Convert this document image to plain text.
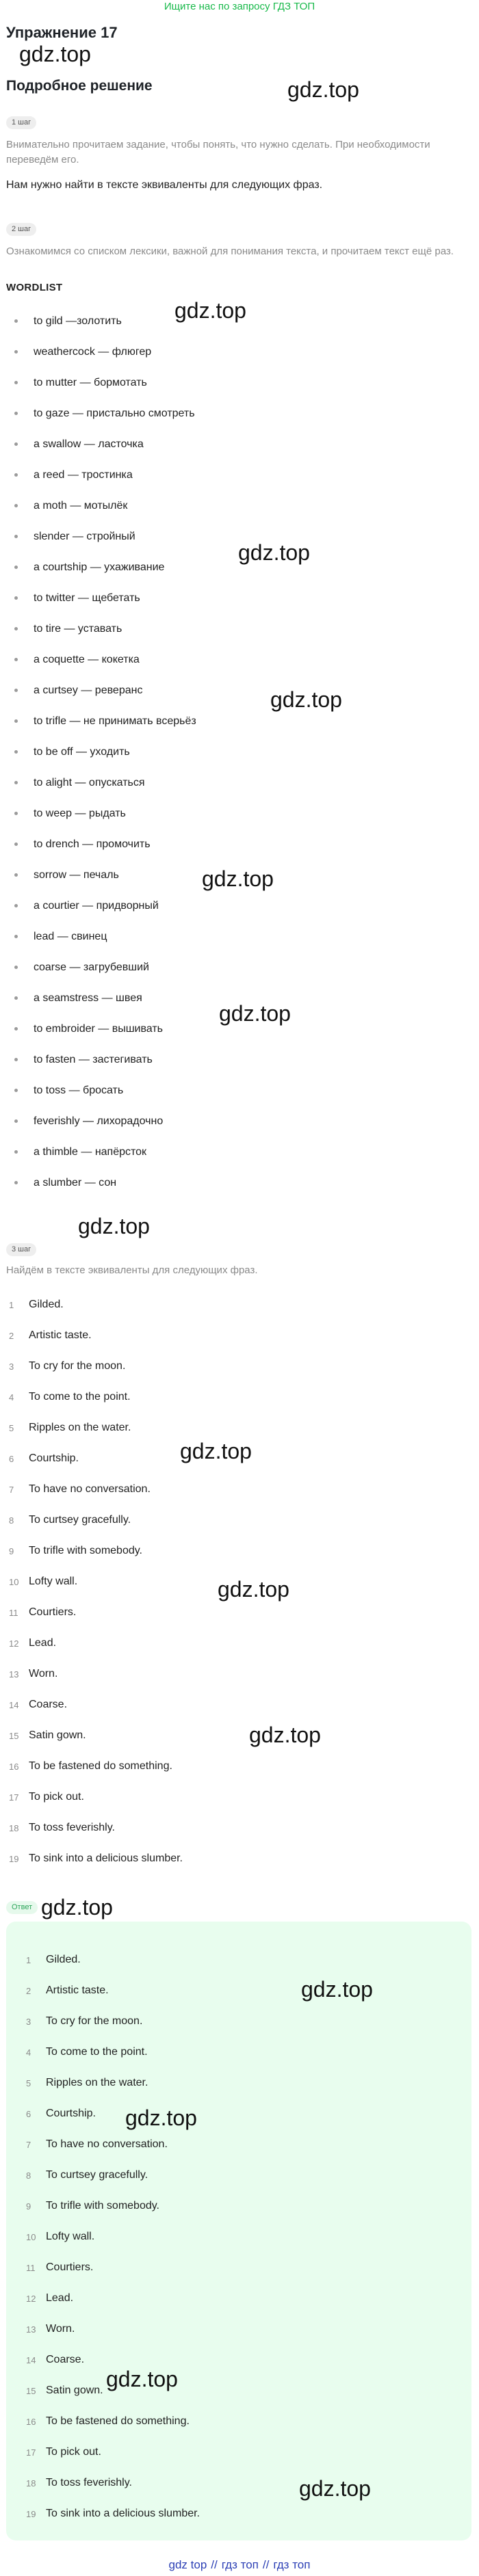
Ищите нас по запросу ГДЗ ТОП
Упражнение 17
Подробное решение
1 шаг

Внимательно прочитаем задание, чтобы понять, что нужно сделать. При необходимости переведём его.

Нам нужно найти в тексте эквиваленты для следующих фраз.

2 шаг

Ознакомимся со списком лексики, важной для понимания текста, и прочитаем текст ещё раз.

WORDLIST
to gild —золотить
weathercock — флюгер
to mutter — бормотать
to gaze — пристально смотреть
a swallow — ласточка
a reed — тростинка
a moth — мотылёк
slender — стройный
a courtship — ухаживание
to twitter — щебетать
to tire — уставать
a coquette — кокетка
a curtsey — реверанс
to trifle — не принимать всерьёз
to be off — уходить
to alight — опускаться
to weep — рыдать
to drench — промочить
sorrow — печаль
a courtier — придворный
lead — свинец
coarse — загрубевший
a seamstress — швея
to embroider — вышивать
to fasten — застегивать
to toss — бросать
feverishly — лихорадочно
a thimble — напёрсток
a slumber — сон
3 шаг

Найдём в тексте эквиваленты для следующих фраз.

1	Gilded.
2	Artistic taste.
3	To cry for the moon.
4	To come to the point.
5	Ripples on the water.
6	Courtship.
7	To have no conversation.
8	To curtsey gracefully.
9	To trifle with somebody.
10 Lofty wall.
11 Courtiers.
12 Lead.
13 Worn.
14 Coarse.
15 Satin gown.
16 To be fastened do something.
17 To pick out.
18 To toss feverishly.
19 To sink into a delicious slumber.
Ответ
1	Gilded.
2	Artistic taste.
3	To cry for the moon.
4	To come to the point.
5	Ripples on the water.
6	Courtship.
7	To have no conversation.
8	To curtsey gracefully.
9	To trifle with somebody.
10 Lofty wall.
11 Courtiers.
12 Lead.
13 Worn.
14 Coarse.
15 Satin gown.
16 To be fastened do something.
17 To pick out.
18 To toss feverishly.
19 To sink into a delicious slumber.
gdz.top
gdz.top
gdz.top
gdz.top
gdz.top
gdz.top
gdz.top
gdz.top
gdz.top
gdz.top
gdz.top
gdz.top
gdz.top
gdz.top
gdz.top
gdz.top
gdz top // гдз топ // гдз топ
